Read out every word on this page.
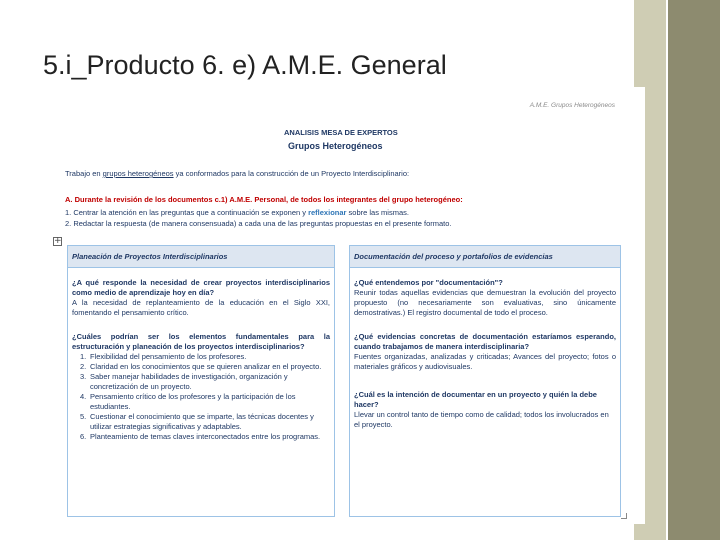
5.i_Producto 6. e) A.M.E. General
A.M.E. Grupos Heterogéneos
ANALISIS MESA DE EXPERTOS
Grupos Heterogéneos
Trabajo en grupos heterogéneos ya conformados para la construcción de un Proyecto Interdisciplinario:
A. Durante la revisión de los documentos c.1) A.M.E. Personal, de todos los integrantes del grupo heterogéneo:
1. Centrar la atención en las preguntas que a continuación se exponen y reflexionar sobre las mismas.
2. Redactar la respuesta (de manera consensuada) a cada una de las preguntas propuestas en el presente formato.
+
Planeación de Proyectos Interdisciplinarios
¿A qué responde la necesidad de crear proyectos interdisciplinarios como medio de aprendizaje hoy en día?
A la necesidad de replanteamiento de la educación en el Siglo XXI, fomentando el pensamiento crítico.
¿Cuáles podrían ser los elementos fundamentales para la estructuración y planeación de los proyectos interdisciplinarios?
1. Flexibilidad del pensamiento de los profesores.
2. Claridad en los conocimientos que se quieren analizar en el proyecto.
3. Saber manejar habilidades de investigación, organización y concretización de un proyecto.
4. Pensamiento crítico de los profesores y la participación de los estudiantes.
5. Cuestionar el conocimiento que se imparte, las técnicas docentes y utilizar estrategias significativas y adaptables.
6. Planteamiento de temas claves interconectados entre los programas.
Documentación del proceso y portafolios de evidencias
¿Qué entendemos por "documentación"?
Reunir todas aquellas evidencias que demuestran la evolución del proyecto propuesto (no necesariamente son evaluativas, sino únicamente demostrativas.) El registro documental de todo el proceso.
¿Qué evidencias concretas de documentación estaríamos esperando, cuando trabajamos de manera interdisciplinaria?
Fuentes organizadas, analizadas y criticadas; Avances del proyecto; fotos o materiales gráficos y audiovisuales.
¿Cuál es la intención de documentar en un proyecto y quién la debe hacer?
Llevar un control tanto de tiempo como de calidad; todos los involucrados en el proyecto.
